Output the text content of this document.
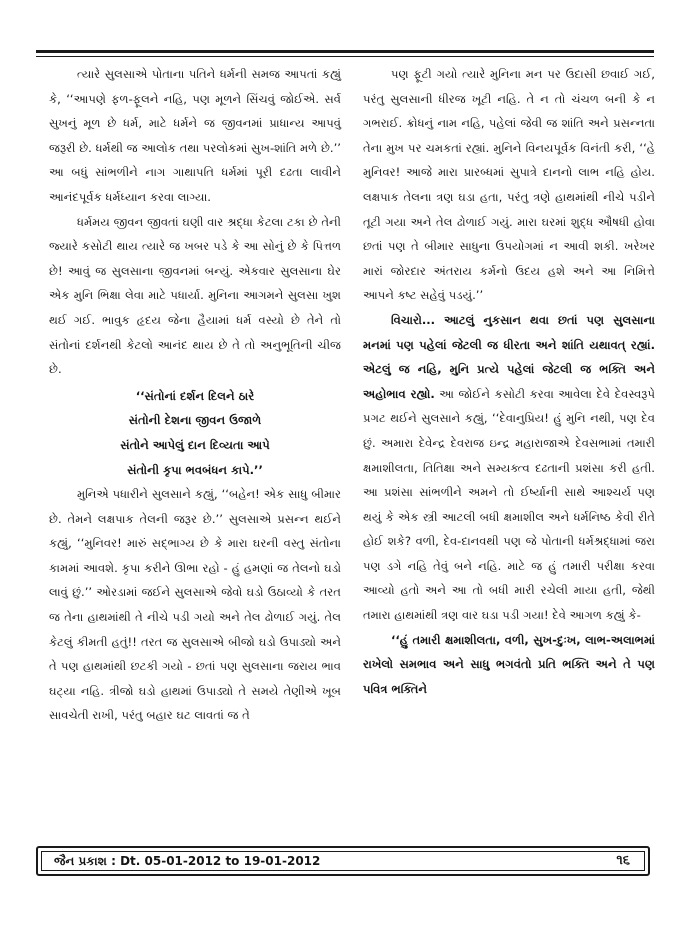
ત્યારે સુલસાએ પોતાના પતિને ધર્મની સમજ આપતાં કહ્યું કે, ‘‘આપણે ફળ-ફૂલને નહિ, પણ મૂળને સિંચવું જોઈએ. સર્વ સુખનું મૂળ છે ધર્મ, માટે ધર્મને જ જીવનમાં પ્રાધાન્ય આપવું જરૂરી છે. ધર્મથી જ આલોક તથા પરલોકમાં સુખ-શાંતિ મળે છે.’’ આ બધું સાંભળીને નાગ ગાથાપતિ ધર્મમાં પૂરી દઢતા લાવીને આનંદપૂર્વક ધર્મધ્યાન કરવા લાગ્યા.

ધર્મમય જીવન જીવતાં ઘણી વાર શ્રદ્ધા કેટલા ટકા છે તેની જ્યારે કસોટી થાય ત્યારે જ ખબર પડે કે આ સોનું છે કે પિત્તળ છે! આવું જ સુલસાના જીવનમાં બન્યું. એકવાર સુલસાના ઘેર એક મુનિ ભિક્ષા લેવા માટે પધાર્યા. મુનિના આગમને સુલસા ખુશ થઈ ગઈ. ભાવુક હૃદય જેના હૈયામાં ધર્મ વસ્યો છે તેને તો સંતોનાં દર્શનથી કેટલો આનંદ થાય છે તે તો અનુભૂતિની ચીજ છે.

‘‘સંતોનાં દર્શન દિલને ઠારે
સંતોની દેશના જીવન ઉજાળે
સંતોને આપેલું દાન દિવ્યતા આપે
સંતોની કૃપા ભવબંધન કાપે.’’

મુનિએ પધારીને સુલસાને કહ્યું, ‘‘બહેન! એક સાધુ બીમાર છે. તેમને લક્ષપાક તેલની જરૂર છે.’’ સુલસાએ પ્રસન્ન થઈને કહ્યું, ‘‘મુનિવર! મારું સદ્ભાગ્ય છે કે મારા ઘરની વસ્તુ સંતોના કામમાં આવશે. કૃપા કરીને ઊભા રહો - હું હમણાં જ તેલનો ઘડો લાવું છું.’’ ઓરડામાં જઈને સુલસાએ જેવો ઘડો ઉઠાવ્યો કે તરત જ તેના હાથમાંથી તે નીચે પડી ગયો અને તેલ ઢોળાઈ ગયું. તેલ કેટલું કીમતી હતું!! તરત જ સુલસાએ બીજો ઘડો ઉપાડ્યો અને તે પણ હાથમાંથી છટકી ગયો - છતાં પણ સુલસાના જરાય ભાવ ઘટ્યા નહિ. ત્રીજો ઘડો હાથમાં ઉપાડ્યો તે સમયે તેણીએ ખૂબ સાવચેતી રાખી, પરંતુ બહાર ઘટ લાવતાં જ તે

પણ ફૂટી ગયો ત્યારે મુનિના મન પર ઉદાસી છવાઈ ગઈ, પરંતુ સુલસાની ધીરજ ખૂટી નહિ. તે ન તો ચંચળ બની કે ન ગભરાઈ. ક્રોધનું નામ નહિ, પહેલાં જેવી જ શાંતિ અને પ્રસન્નતા તેના મુખ પર ચમકતાં રહ્યાં. મુનિને વિનયપૂર્વક વિનંતી કરી, ‘‘હે મુનિવર! આજે મારા પ્રારબ્ધમાં સુપાત્રે દાનનો લાભ નહિ હોય. લક્ષપાક તેલના ત્રણ ઘડા હતા, પરંતુ ત્રણે હાથમાંથી નીચે પડીને તૂટી ગયા અને તેલ ઢોળાઈ ગયું. મારા ઘરમાં શુદ્ધ ઔષધી હોવા છતાં પણ તે બીમાર સાધુના ઉપયોગમાં ન આવી શકી. ખરેખર મારાં જોરદાર અંતરાય કર્મનો ઉદય હશે અને આ નિમિત્તે આપને કષ્ટ સહેવું પડયું.’’

વિચારો... આટલું નુકસાન થવા છતાં પણ સુલસાના મનમાં પણ પહેલાં જેટલી જ ધીરતા અને શાંતિ યથાવત્ રહ્યાં. એટલું જ નહિ, મુનિ પ્રત્યે પહેલાં જેટલી જ ભક્તિ અને અહોભાવ રહ્યો. આ જોઈને કસોટી કરવા આવેલા દેવે દેવસ્વરૂપે પ્રગટ થઈને સુલસાને કહ્યું, ‘‘દેવાનુપ્રિય! હું મુનિ નથી, પણ દેવ છું. અમારા દેવેન્દ્ર દેવરાજ ઇન્દ્ર મહારાજાએ દેવસભામાં તમારી ક્ષમાશીલતા, તિતિક્ષા અને સમ્યક્ત્વ દઢતાની પ્રશંસા કરી હતી. આ પ્રશંસા સાંભળીને અમને તો ઈર્ષ્યાની સાથે આશ્ચર્ય પણ થયું કે એક સ્ત્રી આટલી બધી ક્ષમાશીલ અને ધર્મનિષ્ઠ કેવી રીતે હોઈ શકે? વળી, દેવ-દાનવથી પણ જે પોતાની ધર્મશ્રદ્ધામાં જરા પણ ડગે નહિ તેવું બને નહિ. માટે જ હું તમારી પરીક્ષા કરવા આવ્યો હતો અને આ તો બધી મારી રચેલી માયા હતી, જેથી તમારા હાથમાંથી ત્રણ વાર ઘડા પડી ગયા! દેવે આગળ કહ્યું કે-

‘‘હું તમારી ક્ષમાશીલતા, વળી, સુખ-દુઃખ, લાભ-અલાભમાં રાખેલો સમભાવ અને સાધુ ભગવંતો પ્રતિ ભક્તિ અને તે પણ પવિત્ર ભક્તિને

જૈન પ્રકાશ : Dt. 05-01-2012 to 19-01-2012	૧૬
